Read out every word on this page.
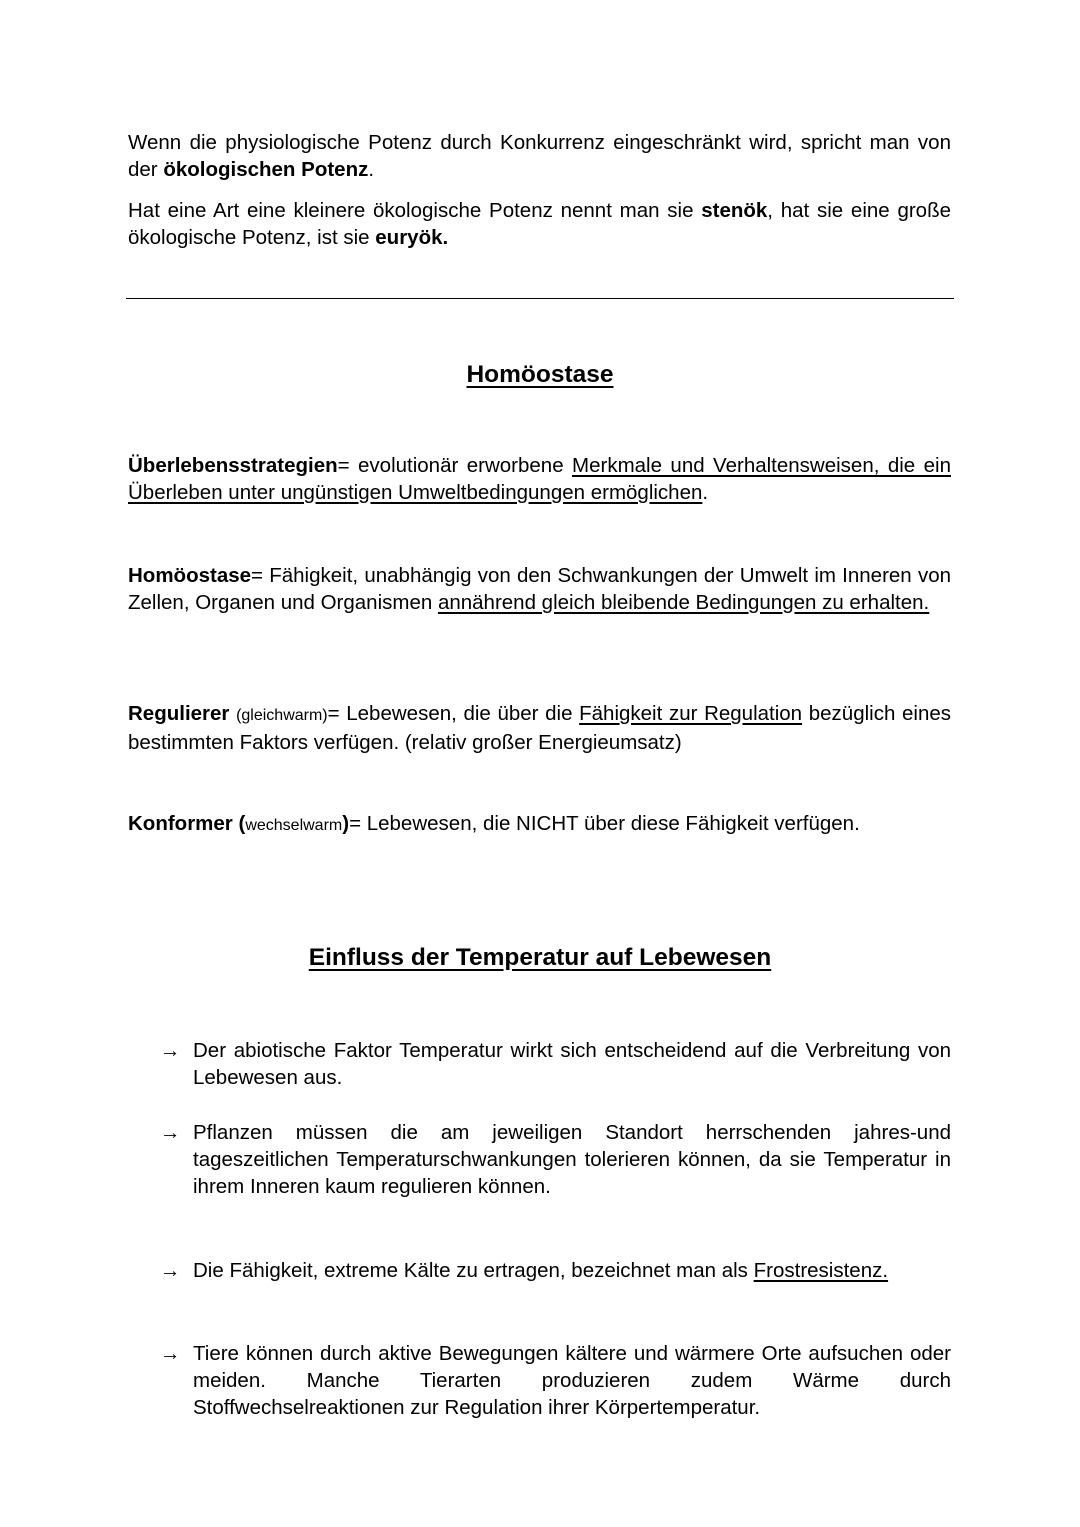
Wenn die physiologische Potenz durch Konkurrenz eingeschränkt wird, spricht man von der ökologischen Potenz.

Hat eine Art eine kleinere ökologische Potenz nennt man sie stenök, hat sie eine große ökologische Potenz, ist sie euryök.

Homöostase

Überlebensstrategien= evolutionär erworbene Merkmale und Verhaltensweisen, die ein Überleben unter ungünstigen Umweltbedingungen ermöglichen.

Homöostase= Fähigkeit, unabhängig von den Schwankungen der Umwelt im Inneren von Zellen, Organen und Organismen annährend gleich bleibende Bedingungen zu erhalten.

Regulierer (gleichwarm)= Lebewesen, die über die Fähigkeit zur Regulation bezüglich eines bestimmten Faktors verfügen. (relativ großer Energieumsatz)

Konformer (wechselwarm)= Lebewesen, die NICHT über diese Fähigkeit verfügen.

Einfluss der Temperatur auf Lebewesen
→ Der abiotische Faktor Temperatur wirkt sich entscheidend auf die Verbreitung von Lebewesen aus.

→ Pflanzen müssen die am jeweiligen Standort herrschenden jahres-und tageszeitlichen Temperaturschwankungen tolerieren können, da sie Temperatur in ihrem Inneren kaum regulieren können.

→ Die Fähigkeit, extreme Kälte zu ertragen, bezeichnet man als Frostresistenz.

→ Tiere können durch aktive Bewegungen kältere und wärmere Orte aufsuchen oder meiden. Manche Tierarten produzieren zudem Wärme durch Stoffwechselreaktionen zur Regulation ihrer Körpertemperatur.
